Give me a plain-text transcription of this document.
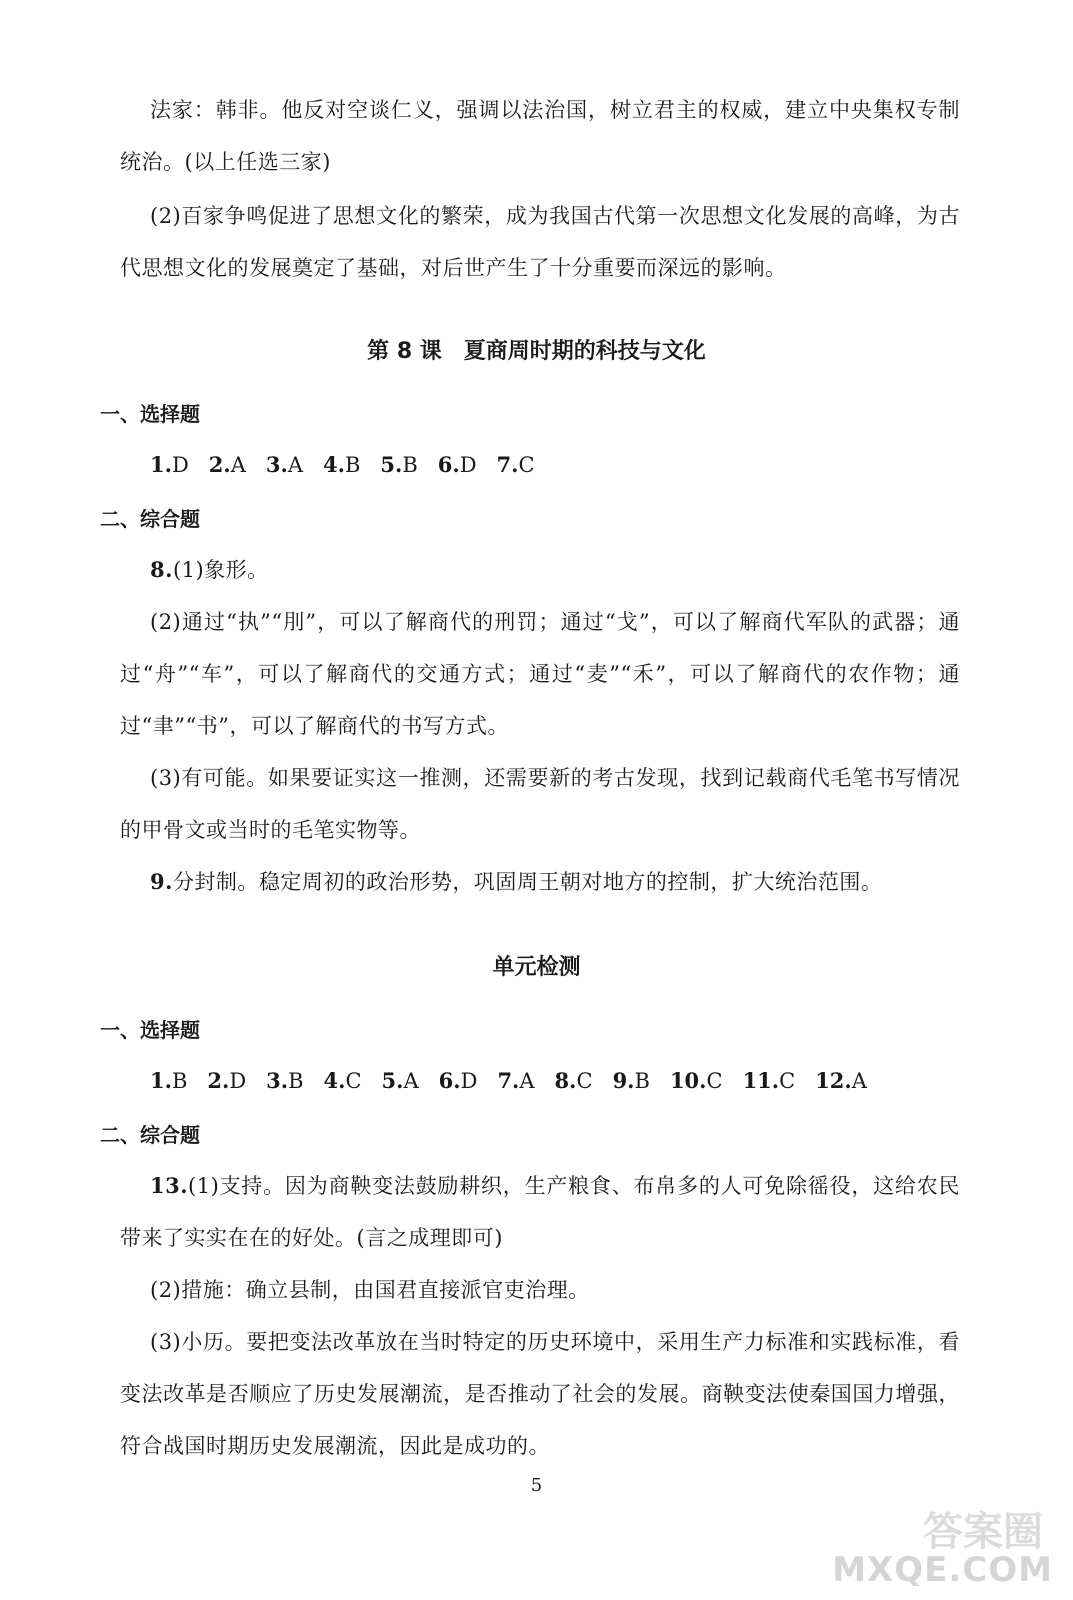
法家：韩非。他反对空谈仁义，强调以法治国，树立君主的权威，建立中央集权专制统治。(以上任选三家)

(2)百家争鸣促进了思想文化的繁荣，成为我国古代第一次思想文化发展的高峰，为古代思想文化的发展奠定了基础，对后世产生了十分重要而深远的影响。

第 8 课　夏商周时期的科技与文化
一、选择题
1.D 2.A 3.A 4.B 5.B 6.D 7.C
二、综合题

8.(1)象形。

(2)通过“执”“刖”，可以了解商代的刑罚；通过“戈”，可以了解商代军队的武器；通过“舟”“车”，可以了解商代的交通方式；通过“麦”“禾”，可以了解商代的农作物；通过“聿”“书”，可以了解商代的书写方式。

(3)有可能。如果要证实这一推测，还需要新的考古发现，找到记载商代毛笔书写情况的甲骨文或当时的毛笔实物等。

9.分封制。稳定周初的政治形势，巩固周王朝对地方的控制，扩大统治范围。

单元检测
一、选择题
1.B 2.D 3.B 4.C 5.A 6.D 7.A 8.C 9.B 10.C 11.C 12.A
二、综合题

13.(1)支持。因为商鞅变法鼓励耕织，生产粮食、布帛多的人可免除徭役，这给农民带来了实实在在的好处。(言之成理即可)

(2)措施：确立县制，由国君直接派官吏治理。

(3)小历。要把变法改革放在当时特定的历史环境中，采用生产力标准和实践标准，看变法改革是否顺应了历史发展潮流，是否推动了社会的发展。商鞅变法使秦国国力增强，符合战国时期历史发展潮流，因此是成功的。

5
答案圈
MXQE.COM
